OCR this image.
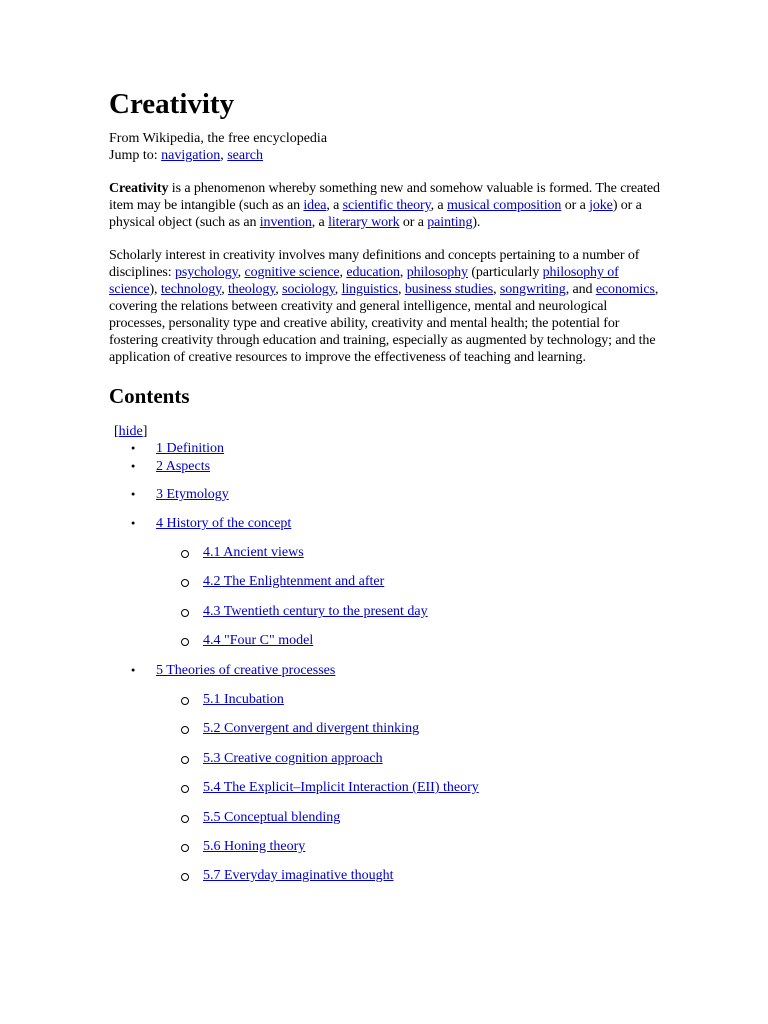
Creativity
From Wikipedia, the free encyclopedia
Jump to: navigation, search

Creativity is a phenomenon whereby something new and somehow valuable is formed. The created item may be intangible (such as an idea, a scientific theory, a musical composition or a joke) or a physical object (such as an invention, a literary work or a painting).

Scholarly interest in creativity involves many definitions and concepts pertaining to a number of disciplines: psychology, cognitive science, education, philosophy (particularly philosophy of science), technology, theology, sociology, linguistics, business studies, songwriting, and economics, covering the relations between creativity and general intelligence, mental and neurological processes, personality type and creative ability, creativity and mental health; the potential for fostering creativity through education and training, especially as augmented by technology; and the application of creative resources to improve the effectiveness of teaching and learning.

Contents
[hide]
● 1 Definition
● 2 Aspects
● 3 Etymology
● 4 History of the concept
4.1 Ancient views
4.2 The Enlightenment and after
4.3 Twentieth century to the present day
4.4 "Four C" model
● 5 Theories of creative processes
5.1 Incubation
5.2 Convergent and divergent thinking
5.3 Creative cognition approach
5.4 The Explicit–Implicit Interaction (EII) theory
5.5 Conceptual blending
5.6 Honing theory
5.7 Everyday imaginative thought
